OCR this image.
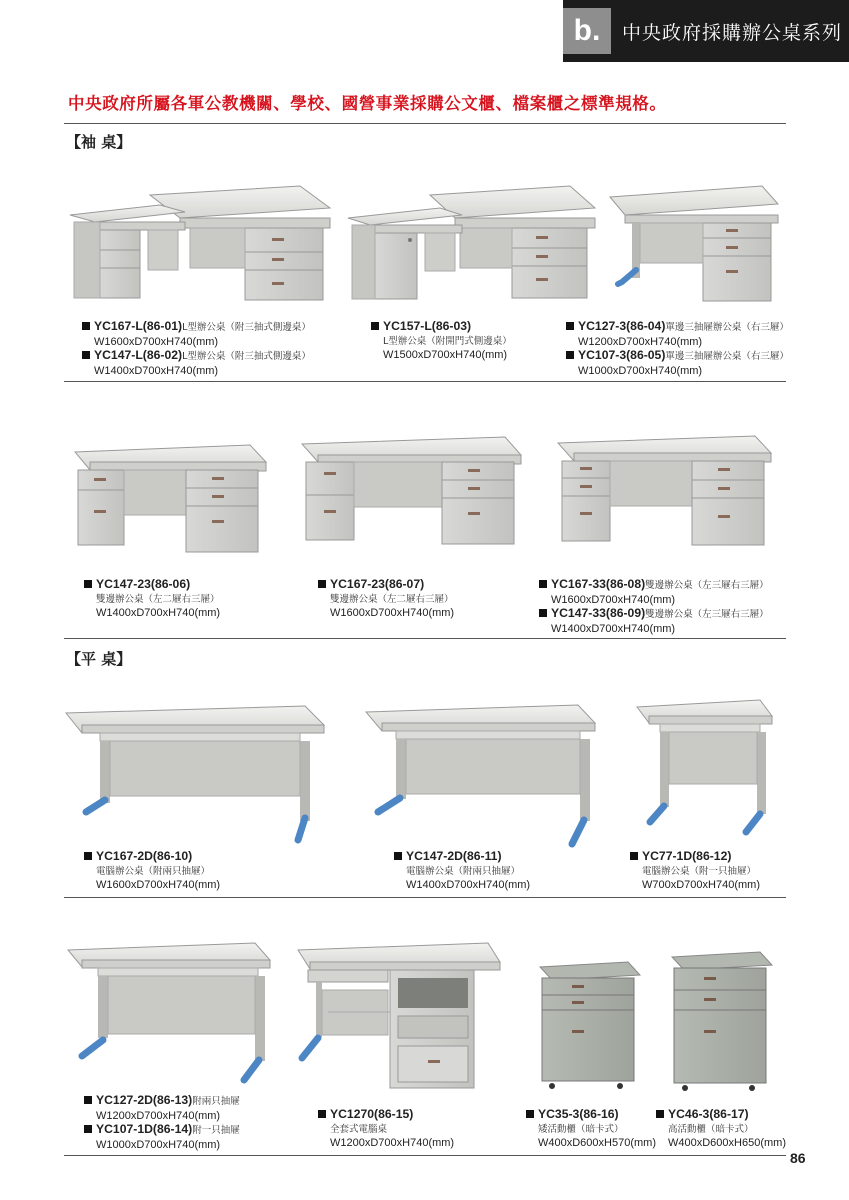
b.	中央政府採購辦公桌系列
中央政府所屬各軍公教機關、學校、國營事業採購公文櫃、檔案櫃之標準規格。
【袖 桌】
【平 桌】
YC167-L(86-01)L型辦公桌（附三抽式側邊桌）
W1600xD700xH740(mm)
YC147-L(86-02)L型辦公桌（附三抽式側邊桌）
W1400xD700xH740(mm)
YC157-L(86-03)
L型辦公桌（附開門式側邊桌）
W1500xD700xH740(mm)
YC127-3(86-04)單邊三抽屜辦公桌（右三屜）
W1200xD700xH740(mm)
YC107-3(86-05)單邊三抽屜辦公桌（右三屜）
W1000xD700xH740(mm)
YC147-23(86-06)
雙邊辦公桌（左二屜右三屜）
W1400xD700xH740(mm)
YC167-23(86-07)
雙邊辦公桌（左二屜右三屜）
W1600xD700xH740(mm)
YC167-33(86-08)雙邊辦公桌（左三屜右三屜）
W1600xD700xH740(mm)
YC147-33(86-09)雙邊辦公桌（左三屜右三屜）
W1400xD700xH740(mm)
YC167-2D(86-10)
電腦辦公桌（附兩只抽屜）
W1600xD700xH740(mm)
YC147-2D(86-11)
電腦辦公桌（附兩只抽屜）
W1400xD700xH740(mm)
YC77-1D(86-12)
電腦辦公桌（附一只抽屜）
W700xD700xH740(mm)
YC127-2D(86-13)附兩只抽屜
W1200xD700xH740(mm)
YC107-1D(86-14)附一只抽屜
W1000xD700xH740(mm)
YC1270(86-15)
全套式電腦桌
W1200xD700xH740(mm)
YC35-3(86-16)
矮活動櫃（暗卡式）
W400xD600xH570(mm)
YC46-3(86-17)
高活動櫃（暗卡式）
W400xD600xH650(mm)
86
